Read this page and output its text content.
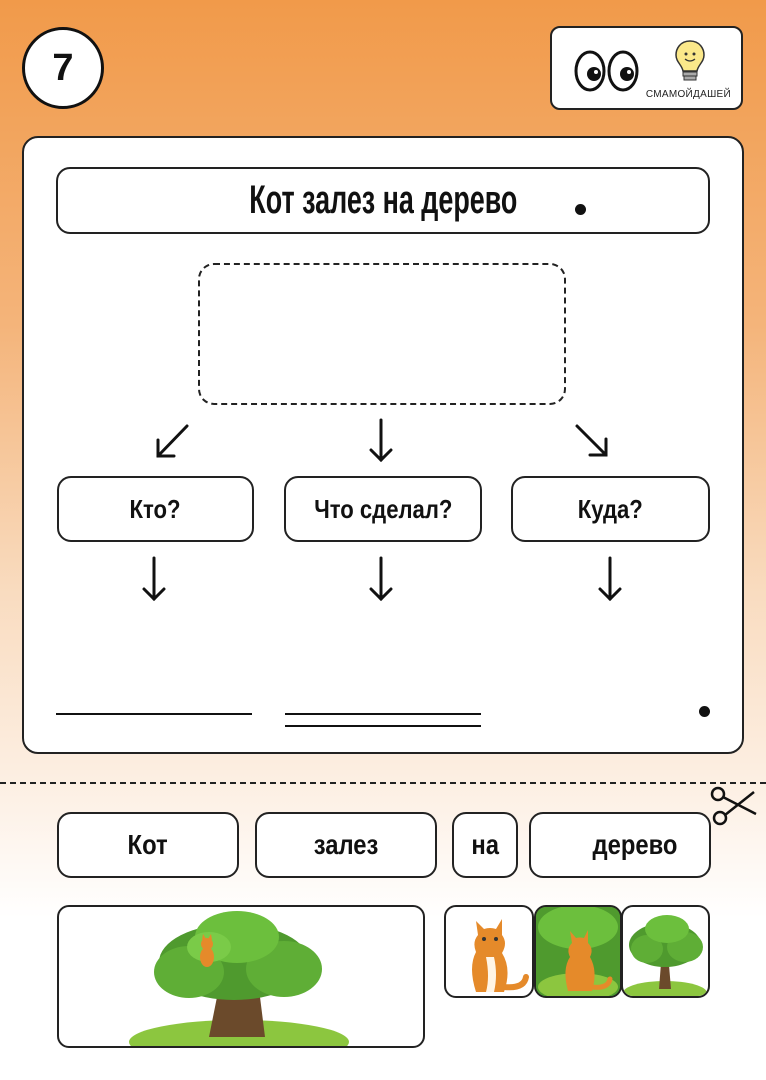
7
СМАМОЙДАШЕЙ
Кот залез на дерево
Кто?	Что сделал?	Куда?
Кот	залез	на	дерево
